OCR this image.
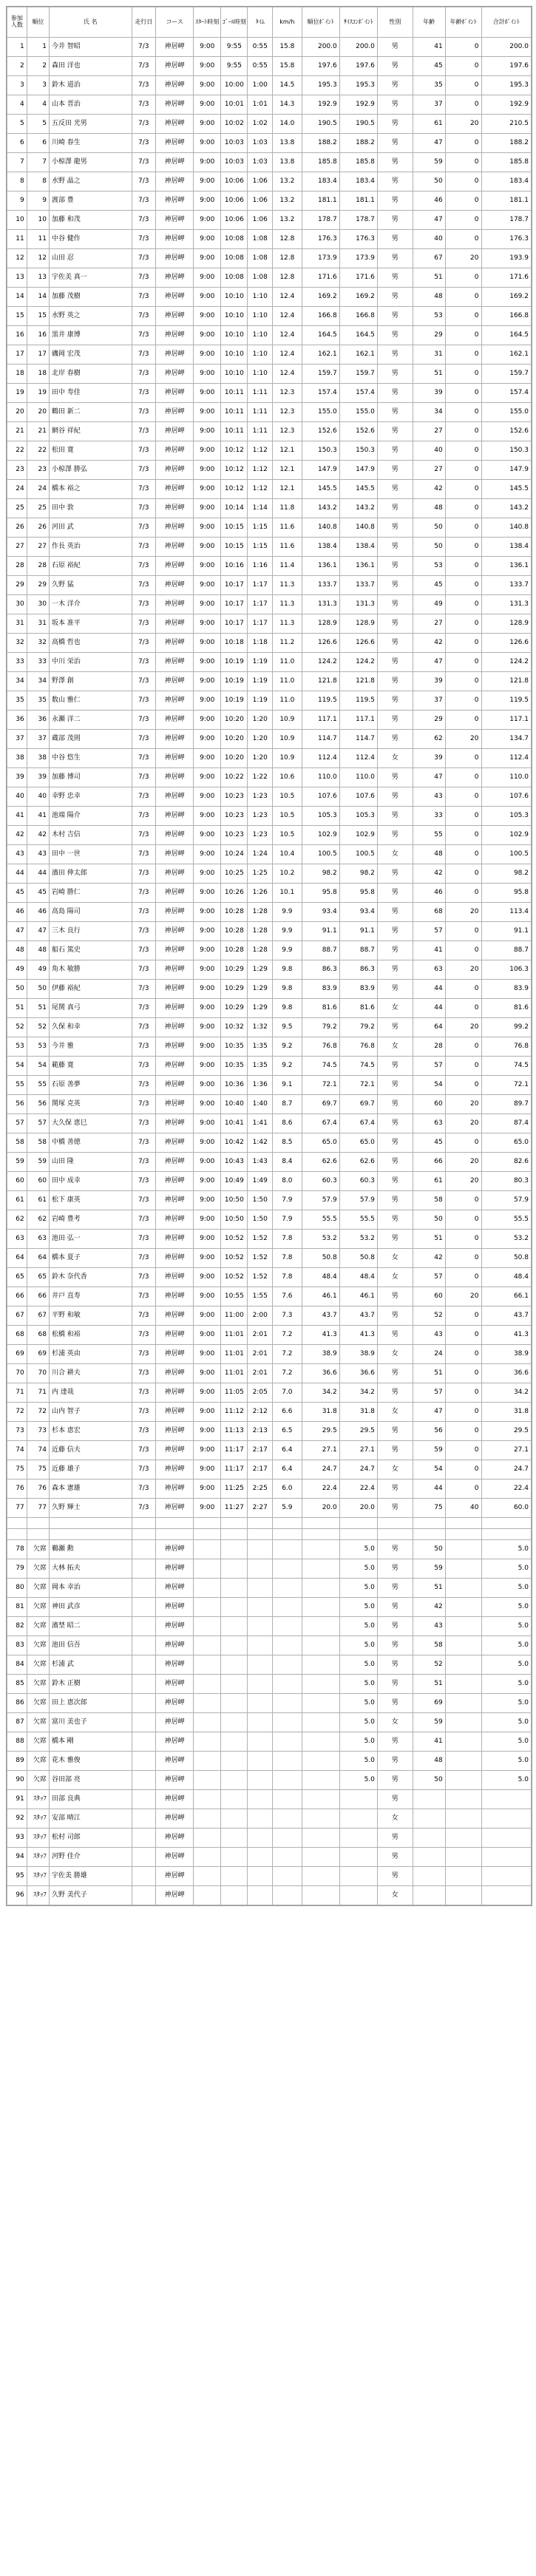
参加人数	順位	氏 名	走行日	コース	ｽﾀｰﾄ時刻	ｺﾞｰﾙ時刻	ﾀｲﾑ	km/h	順位ﾎﾟｲﾝﾄ	ｻｲｽｺﾝﾎﾟｲﾝﾄ	性別	年齢	年齢ﾎﾟｲﾝﾄ	合計ﾎﾟｲﾝﾄ
1	1	今井 智昭	7/3	神居岬	9:00	9:55	0:55	15.8	200.0	200.0	男	41	0	200.0
2	2	森田 洋也	7/3	神居岬	9:00	9:55	0:55	15.8	197.6	197.6	男	45	0	197.6
3	3	鈴木 道治	7/3	神居岬	9:00	10:00	1:00	14.5	195.3	195.3	男	35	0	195.3
4	4	山本 晋治	7/3	神居岬	9:00	10:01	1:01	14.3	192.9	192.9	男	37	0	192.9
5	5	五反田 光男	7/3	神居岬	9:00	10:02	1:02	14.0	190.5	190.5	男	61	20	210.5
6	6	川崎 春生	7/3	神居岬	9:00	10:03	1:03	13.8	188.2	188.2	男	47	0	188.2
7	7	小椋澤 龍男	7/3	神居岬	9:00	10:03	1:03	13.8	185.8	185.8	男	59	0	185.8
8	8	水野 晶之	7/3	神居岬	9:00	10:06	1:06	13.2	183.4	183.4	男	50	0	183.4
9	9	渡部 豊	7/3	神居岬	9:00	10:06	1:06	13.2	181.1	181.1	男	46	0	181.1
10	10	加藤 和茂	7/3	神居岬	9:00	10:06	1:06	13.2	178.7	178.7	男	47	0	178.7
11	11	中谷 健作	7/3	神居岬	9:00	10:08	1:08	12.8	176.3	176.3	男	40	0	176.3
12	12	山田 忍	7/3	神居岬	9:00	10:08	1:08	12.8	173.9	173.9	男	67	20	193.9
13	13	宇佐美 真一	7/3	神居岬	9:00	10:08	1:08	12.8	171.6	171.6	男	51	0	171.6
14	14	加藤 茂樹	7/3	神居岬	9:00	10:10	1:10	12.4	169.2	169.2	男	48	0	169.2
15	15	水野 英之	7/3	神居岬	9:00	10:10	1:10	12.4	166.8	166.8	男	53	0	166.8
16	16	黒井 康博	7/3	神居岬	9:00	10:10	1:10	12.4	164.5	164.5	男	29	0	164.5
17	17	磯岡 宏茂	7/3	神居岬	9:00	10:10	1:10	12.4	162.1	162.1	男	31	0	162.1
18	18	北岸 春樹	7/3	神居岬	9:00	10:10	1:10	12.4	159.7	159.7	男	51	0	159.7
19	19	田中 寿佳	7/3	神居岬	9:00	10:11	1:11	12.3	157.4	157.4	男	39	0	157.4
20	20	鶴田 新二	7/3	神居岬	9:00	10:11	1:11	12.3	155.0	155.0	男	34	0	155.0
21	21	網谷 祥紀	7/3	神居岬	9:00	10:11	1:11	12.3	152.6	152.6	男	27	0	152.6
22	22	松田 寛	7/3	神居岬	9:00	10:12	1:12	12.1	150.3	150.3	男	40	0	150.3
23	23	小椋澤 勝弘	7/3	神居岬	9:00	10:12	1:12	12.1	147.9	147.9	男	27	0	147.9
24	24	橋本 裕之	7/3	神居岬	9:00	10:12	1:12	12.1	145.5	145.5	男	42	0	145.5
25	25	田中 敦	7/3	神居岬	9:00	10:14	1:14	11.8	143.2	143.2	男	48	0	143.2
26	26	河田 武	7/3	神居岬	9:00	10:15	1:15	11.6	140.8	140.8	男	50	0	140.8
27	27	作長 英治	7/3	神居岬	9:00	10:15	1:15	11.6	138.4	138.4	男	50	0	138.4
28	28	石原 裕紀	7/3	神居岬	9:00	10:16	1:16	11.4	136.1	136.1	男	53	0	136.1
29	29	久野 猛	7/3	神居岬	9:00	10:17	1:17	11.3	133.7	133.7	男	45	0	133.7
30	30	一木 洋介	7/3	神居岬	9:00	10:17	1:17	11.3	131.3	131.3	男	49	0	131.3
31	31	坂本 准平	7/3	神居岬	9:00	10:17	1:17	11.3	128.9	128.9	男	27	0	128.9
32	32	高橋 哲也	7/3	神居岬	9:00	10:18	1:18	11.2	126.6	126.6	男	42	0	126.6
33	33	中川 栄治	7/3	神居岬	9:00	10:19	1:19	11.0	124.2	124.2	男	47	0	124.2
34	34	野澤 創	7/3	神居岬	9:00	10:19	1:19	11.0	121.8	121.8	男	39	0	121.8
35	35	数山 雅仁	7/3	神居岬	9:00	10:19	1:19	11.0	119.5	119.5	男	37	0	119.5
36	36	永瀬 洋二	7/3	神居岬	9:00	10:20	1:20	10.9	117.1	117.1	男	29	0	117.1
37	37	蔵部 茂則	7/3	神居岬	9:00	10:20	1:20	10.9	114.7	114.7	男	62	20	134.7
38	38	中谷 悠生	7/3	神居岬	9:00	10:20	1:20	10.9	112.4	112.4	女	39	0	112.4
39	39	加藤 博司	7/3	神居岬	9:00	10:22	1:22	10.6	110.0	110.0	男	47	0	110.0
40	40	幸野 忠幸	7/3	神居岬	9:00	10:23	1:23	10.5	107.6	107.6	男	43	0	107.6
41	41	池端 陽介	7/3	神居岬	9:00	10:23	1:23	10.5	105.3	105.3	男	33	0	105.3
42	42	木村 吉信	7/3	神居岬	9:00	10:23	1:23	10.5	102.9	102.9	男	55	0	102.9
43	43	田中 一世	7/3	神居岬	9:00	10:24	1:24	10.4	100.5	100.5	女	48	0	100.5
44	44	濱田 伸太郎	7/3	神居岬	9:00	10:25	1:25	10.2	98.2	98.2	男	42	0	98.2
45	45	岩崎 勝仁	7/3	神居岬	9:00	10:26	1:26	10.1	95.8	95.8	男	46	0	95.8
46	46	高島 陽司	7/3	神居岬	9:00	10:28	1:28	9.9	93.4	93.4	男	68	20	113.4
47	47	三木 良行	7/3	神居岬	9:00	10:28	1:28	9.9	91.1	91.1	男	57	0	91.1
48	48	船石 篤史	7/3	神居岬	9:00	10:28	1:28	9.9	88.7	88.7	男	41	0	88.7
49	49	角木 敏勝	7/3	神居岬	9:00	10:29	1:29	9.8	86.3	86.3	男	63	20	106.3
50	50	伊藤 裕紀	7/3	神居岬	9:00	10:29	1:29	9.8	83.9	83.9	男	44	0	83.9
51	51	尾関 真弓	7/3	神居岬	9:00	10:29	1:29	9.8	81.6	81.6	女	44	0	81.6
52	52	久保 和幸	7/3	神居岬	9:00	10:32	1:32	9.5	79.2	79.2	男	64	20	99.2
53	53	今井 雅	7/3	神居岬	9:00	10:35	1:35	9.2	76.8	76.8	女	28	0	76.8
54	54	範藤 寛	7/3	神居岬	9:00	10:35	1:35	9.2	74.5	74.5	男	57	0	74.5
55	55	石原 善夢	7/3	神居岬	9:00	10:36	1:36	9.1	72.1	72.1	男	54	0	72.1
56	56	関塚 克英	7/3	神居岬	9:00	10:40	1:40	8.7	69.7	69.7	男	60	20	89.7
57	57	大久保 恵巳	7/3	神居岬	9:00	10:41	1:41	8.6	67.4	67.4	男	63	20	87.4
58	58	中橋 善徳	7/3	神居岬	9:00	10:42	1:42	8.5	65.0	65.0	男	45	0	65.0
59	59	山田 隆	7/3	神居岬	9:00	10:43	1:43	8.4	62.6	62.6	男	66	20	82.6
60	60	田中 成幸	7/3	神居岬	9:00	10:49	1:49	8.0	60.3	60.3	男	61	20	80.3
61	61	松下 康英	7/3	神居岬	9:00	10:50	1:50	7.9	57.9	57.9	男	58	0	57.9
62	62	岩崎 豊考	7/3	神居岬	9:00	10:50	1:50	7.9	55.5	55.5	男	50	0	55.5
63	63	池田 弘一	7/3	神居岬	9:00	10:52	1:52	7.8	53.2	53.2	男	51	0	53.2
64	64	橋本 夏子	7/3	神居岬	9:00	10:52	1:52	7.8	50.8	50.8	女	42	0	50.8
65	65	鈴木 奈代香	7/3	神居岬	9:00	10:52	1:52	7.8	48.4	48.4	女	57	0	48.4
66	66	井戸 直寿	7/3	神居岬	9:00	10:55	1:55	7.6	46.1	46.1	男	60	20	66.1
67	67	平野 和敏	7/3	神居岬	9:00	11:00	2:00	7.3	43.7	43.7	男	52	0	43.7
68	68	松橋 和裕	7/3	神居岬	9:00	11:01	2:01	7.2	41.3	41.3	男	43	0	41.3
69	69	杉浦 英由	7/3	神居岬	9:00	11:01	2:01	7.2	38.9	38.9	女	24	0	38.9
70	70	川合 耕夫	7/3	神居岬	9:00	11:01	2:01	7.2	36.6	36.6	男	51	0	36.6
71	71	内 達哉	7/3	神居岬	9:00	11:05	2:05	7.0	34.2	34.2	男	57	0	34.2
72	72	山内 智子	7/3	神居岬	9:00	11:12	2:12	6.6	31.8	31.8	女	47	0	31.8
73	73	杉本 恵宏	7/3	神居岬	9:00	11:13	2:13	6.5	29.5	29.5	男	56	0	29.5
74	74	近藤 信夫	7/3	神居岬	9:00	11:17	2:17	6.4	27.1	27.1	男	59	0	27.1
75	75	近藤 雄子	7/3	神居岬	9:00	11:17	2:17	6.4	24.7	24.7	女	54	0	24.7
76	76	森本 憲雄	7/3	神居岬	9:00	11:25	2:25	6.0	22.4	22.4	男	44	0	22.4
77	77	久野 輝士	7/3	神居岬	9:00	11:27	2:27	5.9	20.0	20.0	男	75	40	60.0

78	欠席	鵜瀬 勲		神居岬						5.0	男	50		5.0
79	欠席	大林 拓夫		神居岬						5.0	男	59		5.0
80	欠席	岡本 幸治		神居岬						5.0	男	51		5.0
81	欠席	神田 武彦		神居岬						5.0	男	42		5.0
82	欠席	濱埜 昭二		神居岬						5.0	男	43		5.0
83	欠席	池田 信吾		神居岬						5.0	男	58		5.0
84	欠席	杉浦 武		神居岬						5.0	男	52		5.0
85	欠席	鈴木 正樹		神居岬						5.0	男	51		5.0
86	欠席	田上 恵次郎		神居岬						5.0	男	69		5.0
87	欠席	富川 美也子		神居岬						5.0	女	59		5.0
88	欠席	橋本 剛		神居岬						5.0	男	41		5.0
89	欠席	花木 雅俊		神居岬						5.0	男	48		5.0
90	欠席	谷田部 亮		神居岬						5.0	男	50		5.0
91	ｽﾀｯﾌ	田部 良典		神居岬							男			
92	ｽﾀｯﾌ	安部 晴江		神居岬							女			
93	ｽﾀｯﾌ	松村 司郎		神居岬							男			
94	ｽﾀｯﾌ	河野 佳介		神居岬							男			
95	ｽﾀｯﾌ	宇佐美 勝雄		神居岬							男			
96	ｽﾀｯﾌ	久野 美代子		神居岬							女			
